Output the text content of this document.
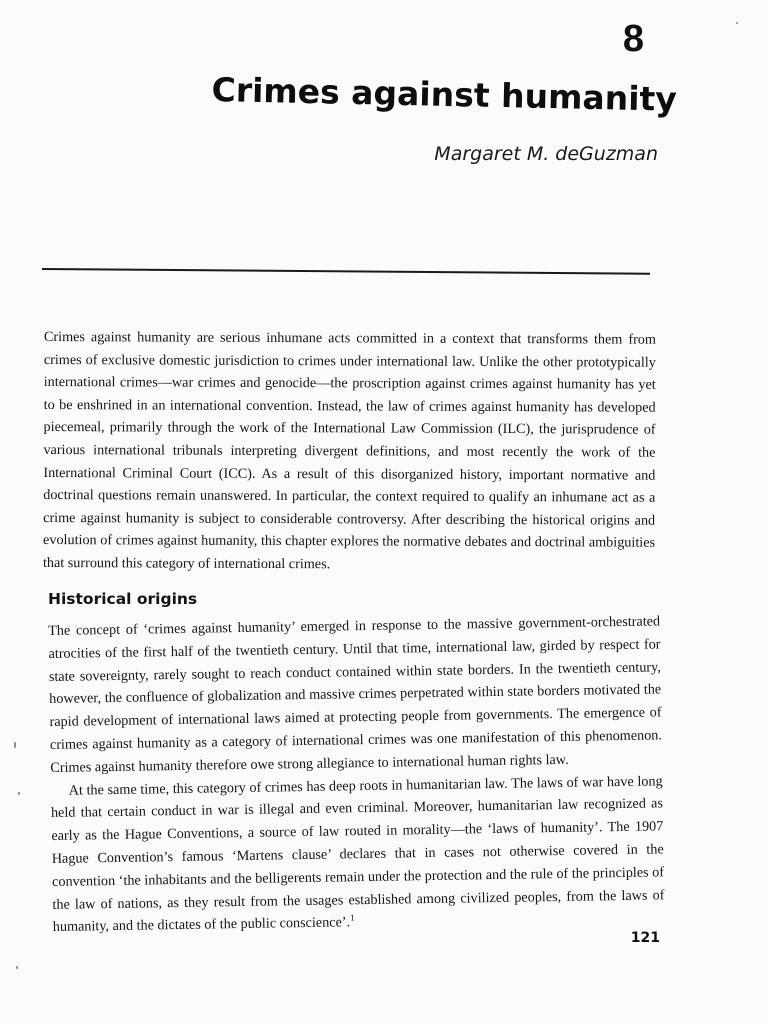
8
Crimes against humanity
Margaret M. deGuzman

Crimes against humanity are serious inhumane acts committed in a context that transforms them from crimes of exclusive domestic jurisdiction to crimes under international law. Unlike the other prototypically international crimes—war crimes and genocide—the proscription against crimes against humanity has yet to be enshrined in an international convention. Instead, the law of crimes against humanity has developed piecemeal, primarily through the work of the International Law Commission (ILC), the jurisprudence of various international tribunals interpreting divergent definitions, and most recently the work of the International Criminal Court (ICC). As a result of this disorganized history, important normative and doctrinal questions remain unanswered. In particular, the context required to qualify an inhumane act as a crime against humanity is subject to considerable controversy. After describing the historical origins and evolution of crimes against humanity, this chapter explores the normative debates and doctrinal ambiguities that surround this category of international crimes.

Historical origins

The concept of ‘crimes against humanity’ emerged in response to the massive government-orchestrated atrocities of the first half of the twentieth century. Until that time, international law, girded by respect for state sovereignty, rarely sought to reach conduct contained within state borders. In the twentieth century, however, the confluence of globalization and massive crimes perpetrated within state borders motivated the rapid development of international laws aimed at protecting people from governments. The emergence of crimes against humanity as a category of international crimes was one manifestation of this phenomenon. Crimes against humanity therefore owe strong allegiance to international human rights law.

At the same time, this category of crimes has deep roots in humanitarian law. The laws of war have long held that certain conduct in war is illegal and even criminal. Moreover, humanitarian law recognized as early as the Hague Conventions, a source of law routed in morality—the ‘laws of humanity’. The 1907 Hague Convention’s famous ‘Martens clause’ declares that in cases not otherwise covered in the convention ‘the inhabitants and the belligerents remain under the protection and the rule of the principles of the law of nations, as they result from the usages established among civilized peoples, from the laws of humanity, and the dictates of the public conscience’.$^1$

121
